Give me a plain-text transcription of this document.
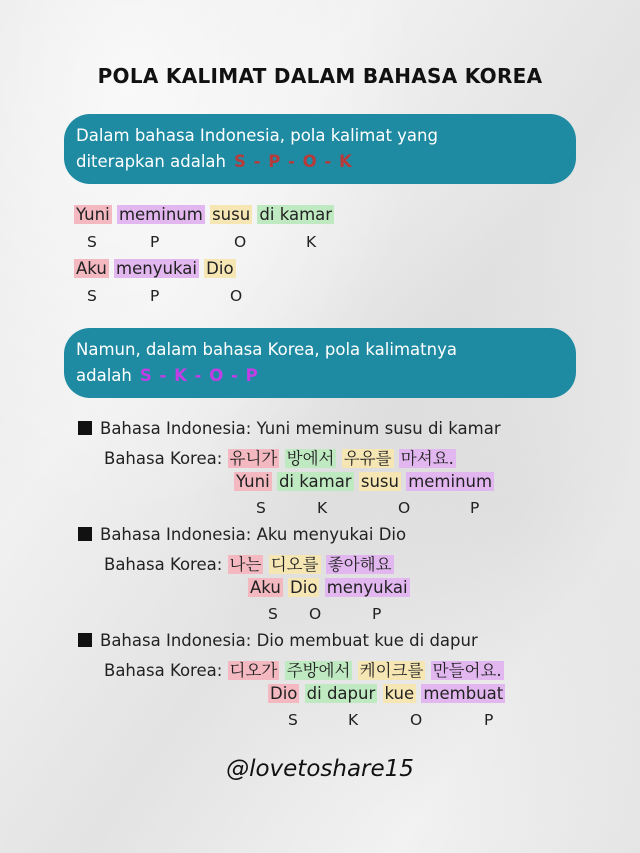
POLA KALIMAT DALAM BAHASA KOREA
Dalam bahasa Indonesia, pola kalimat yang
diterapkan adalah S - P - O - K
Yuni meminum susu di kamar
S	P	O	K
Aku menyukai Dio
S	P	O
Namun, dalam bahasa Korea, pola kalimatnya
adalah S - K - O - P
Bahasa Indonesia: Yuni meminum susu di kamar
Bahasa Korea: 유니가 방에서 우유를 마셔요.
Yuni di kamar susu meminum
S	K	O	P
Bahasa Indonesia: Aku menyukai Dio
Bahasa Korea: 나는 디오를 좋아해요
Aku Dio menyukai
S O	P
Bahasa Indonesia: Dio membuat kue di dapur
Bahasa Korea: 디오가 주방에서 케이크를 만들어요.
Dio di dapur kue membuat
S	K	O	P
@lovetoshare15
